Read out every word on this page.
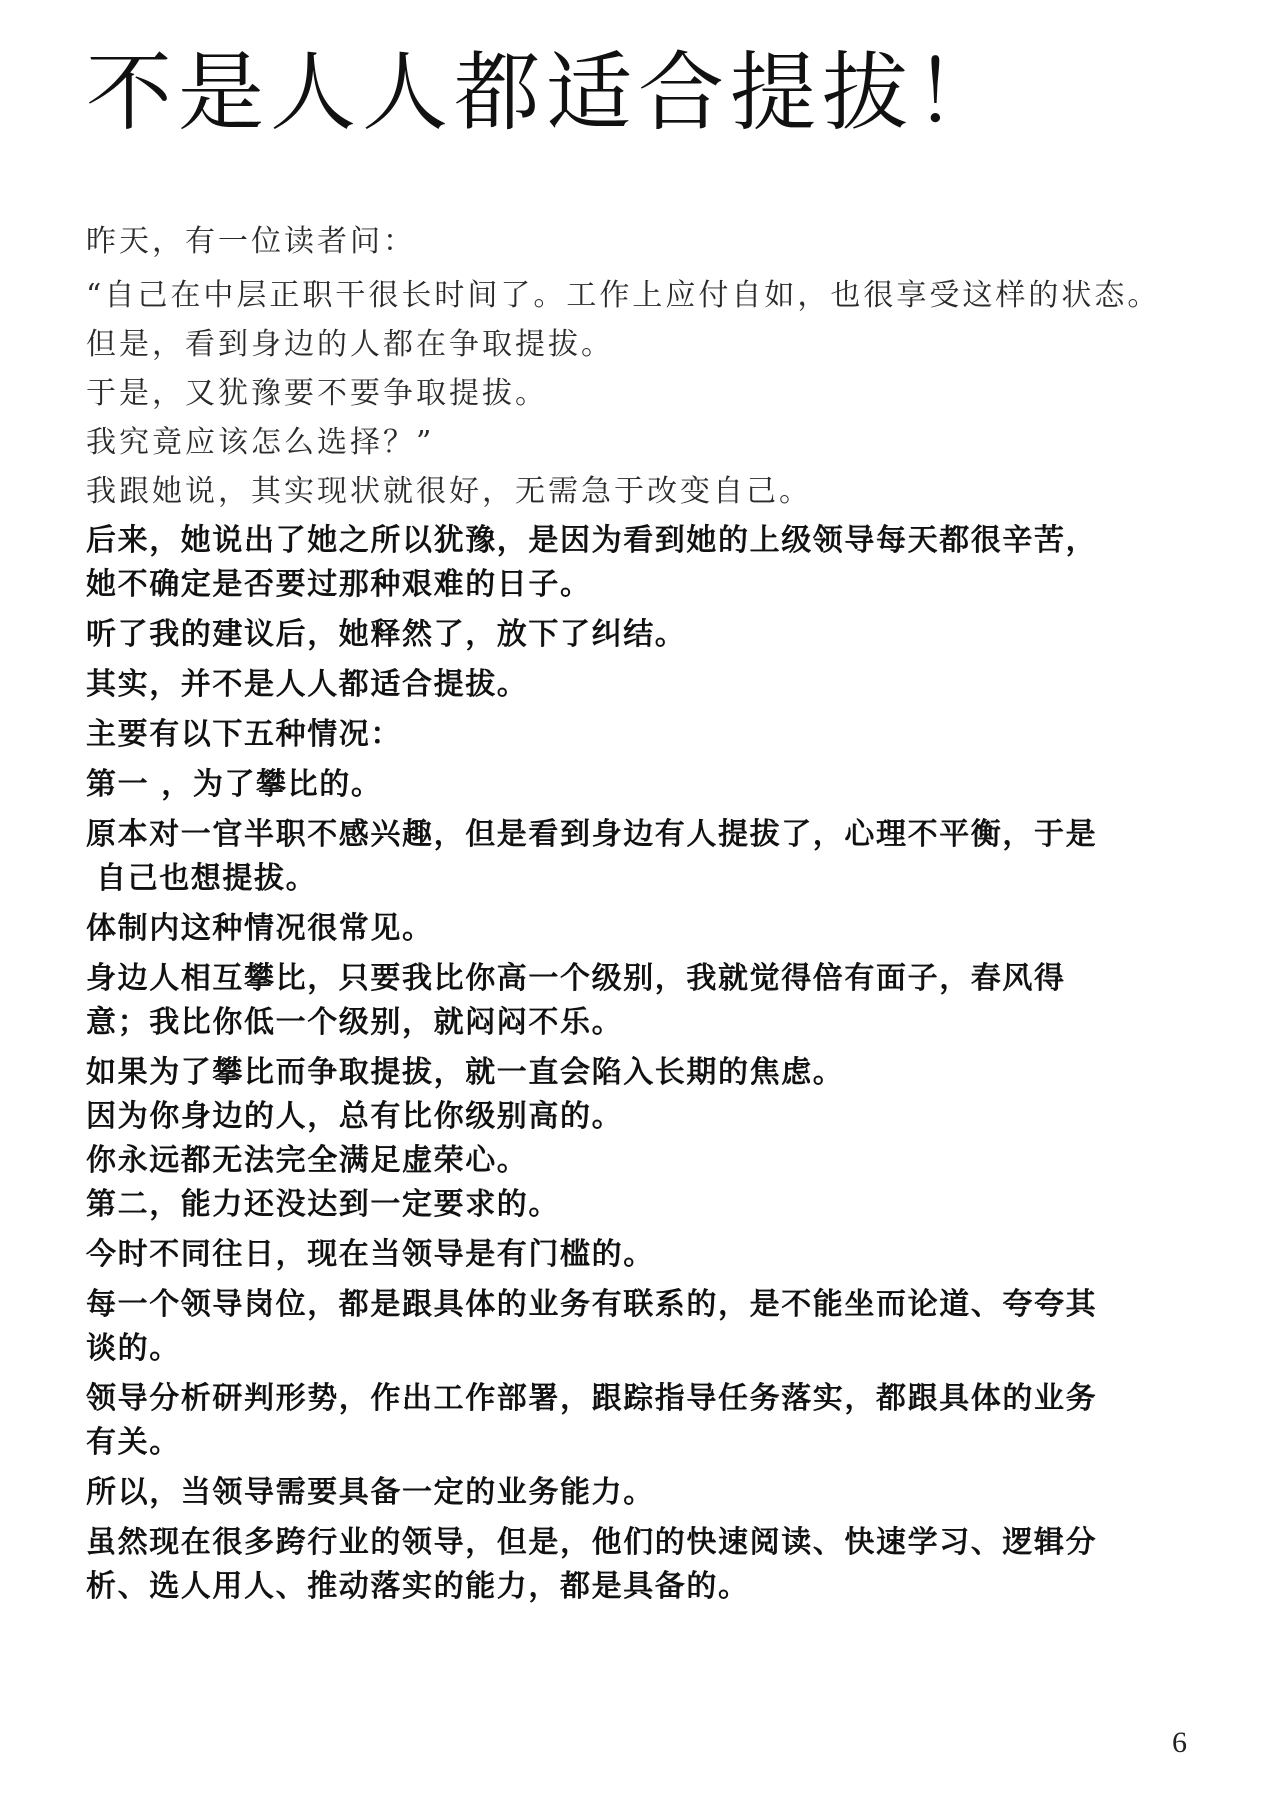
不是人人都适合提拔！

昨天，有一位读者问：

“自己在中层正职干很长时间了。工作上应付自如，也很享受这样的状态。

但是，看到身边的人都在争取提拔。

于是，又犹豫要不要争取提拔。

我究竟应该怎么选择？”

我跟她说，其实现状就很好，无需急于改变自己。

后来，她说出了她之所以犹豫，是因为看到她的上级领导每天都很辛苦，

她不确定是否要过那种艰难的日子。

听了我的建议后，她释然了，放下了纠结。

其实，并不是人人都适合提拔。

主要有以下五种情况：

第一 ，为了攀比的。

原本对一官半职不感兴趣，但是看到身边有人提拔了，心理不平衡，于是

自己也想提拔。

体制内这种情况很常见。

身边人相互攀比，只要我比你高一个级别，我就觉得倍有面子，春风得

意；我比你低一个级别，就闷闷不乐。

如果为了攀比而争取提拔，就一直会陷入长期的焦虑。

因为你身边的人，总有比你级别高的。

你永远都无法完全满足虚荣心。

第二，能力还没达到一定要求的。

今时不同往日，现在当领导是有门槛的。

每一个领导岗位，都是跟具体的业务有联系的，是不能坐而论道、夸夸其

谈的。

领导分析研判形势，作出工作部署，跟踪指导任务落实，都跟具体的业务

有关。

所以，当领导需要具备一定的业务能力。

虽然现在很多跨行业的领导，但是，他们的快速阅读、快速学习、逻辑分

析、选人用人、推动落实的能力，都是具备的。

6
